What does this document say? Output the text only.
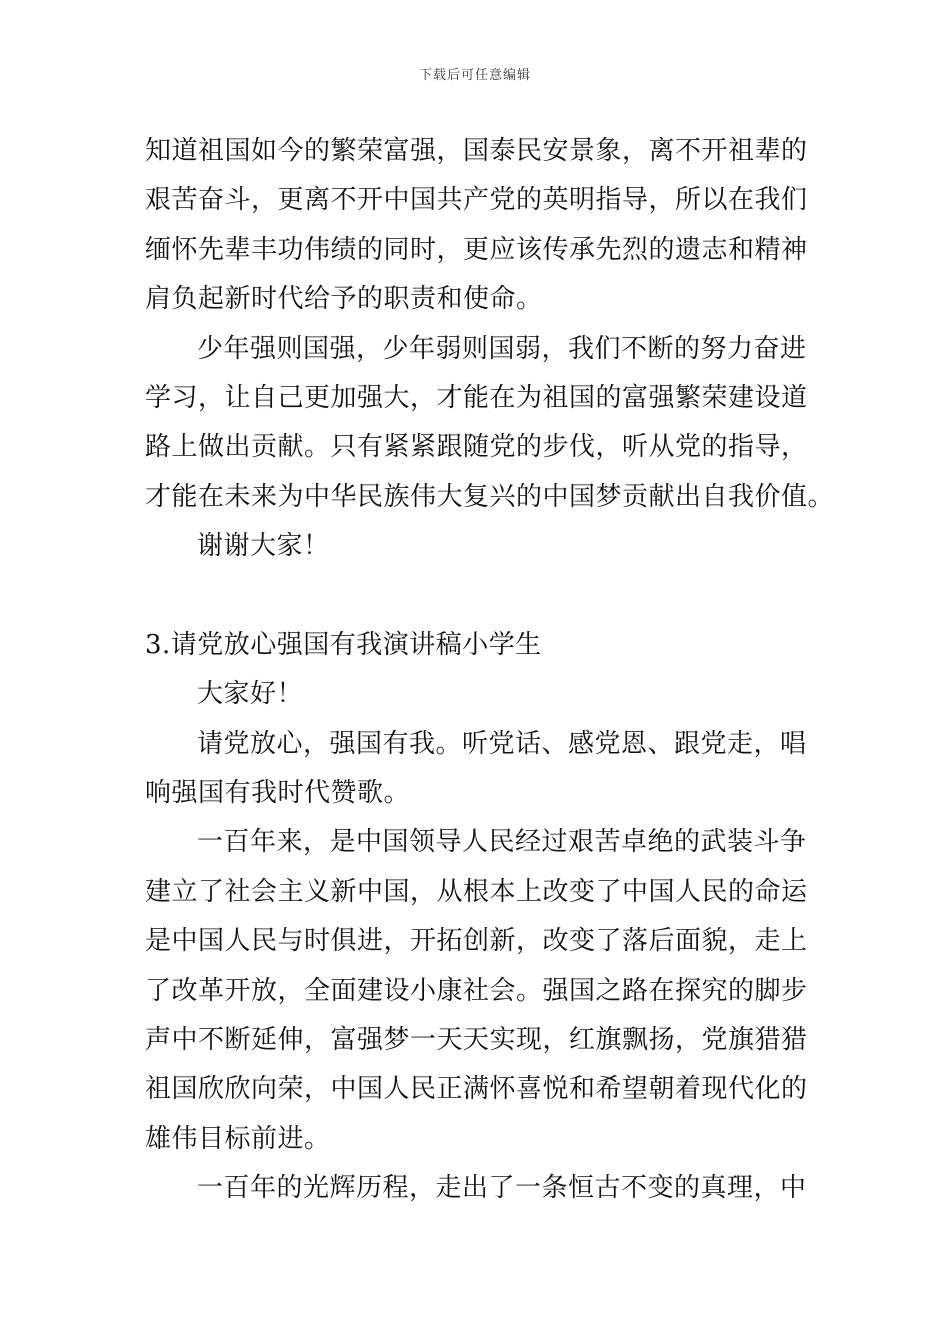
下载后可任意编辑
知道祖国如今的繁荣富强，国泰民安景象，离不开祖辈的
艰苦奋斗，更离不开中国共产党的英明指导，所以在我们
缅怀先辈丰功伟绩的同时，更应该传承先烈的遗志和精神
肩负起新时代给予的职责和使命。
少年强则国强，少年弱则国弱，我们不断的努力奋进
学习，让自己更加强大，才能在为祖国的富强繁荣建设道
路上做出贡献。只有紧紧跟随党的步伐，听从党的指导，
才能在未来为中华民族伟大复兴的中国梦贡献出自我价值。
谢谢大家！
3.请党放心强国有我演讲稿小学生
大家好！
请党放心，强国有我。听党话、感党恩、跟党走，唱
响强国有我时代赞歌。
一百年来，是中国领导人民经过艰苦卓绝的武装斗争
建立了社会主义新中国，从根本上改变了中国人民的命运
是中国人民与时俱进，开拓创新，改变了落后面貌，走上
了改革开放，全面建设小康社会。强国之路在探究的脚步
声中不断延伸，富强梦一天天实现，红旗飘扬，党旗猎猎
祖国欣欣向荣，中国人民正满怀喜悦和希望朝着现代化的
雄伟目标前进。
一百年的光辉历程，走出了一条恒古不变的真理，中
